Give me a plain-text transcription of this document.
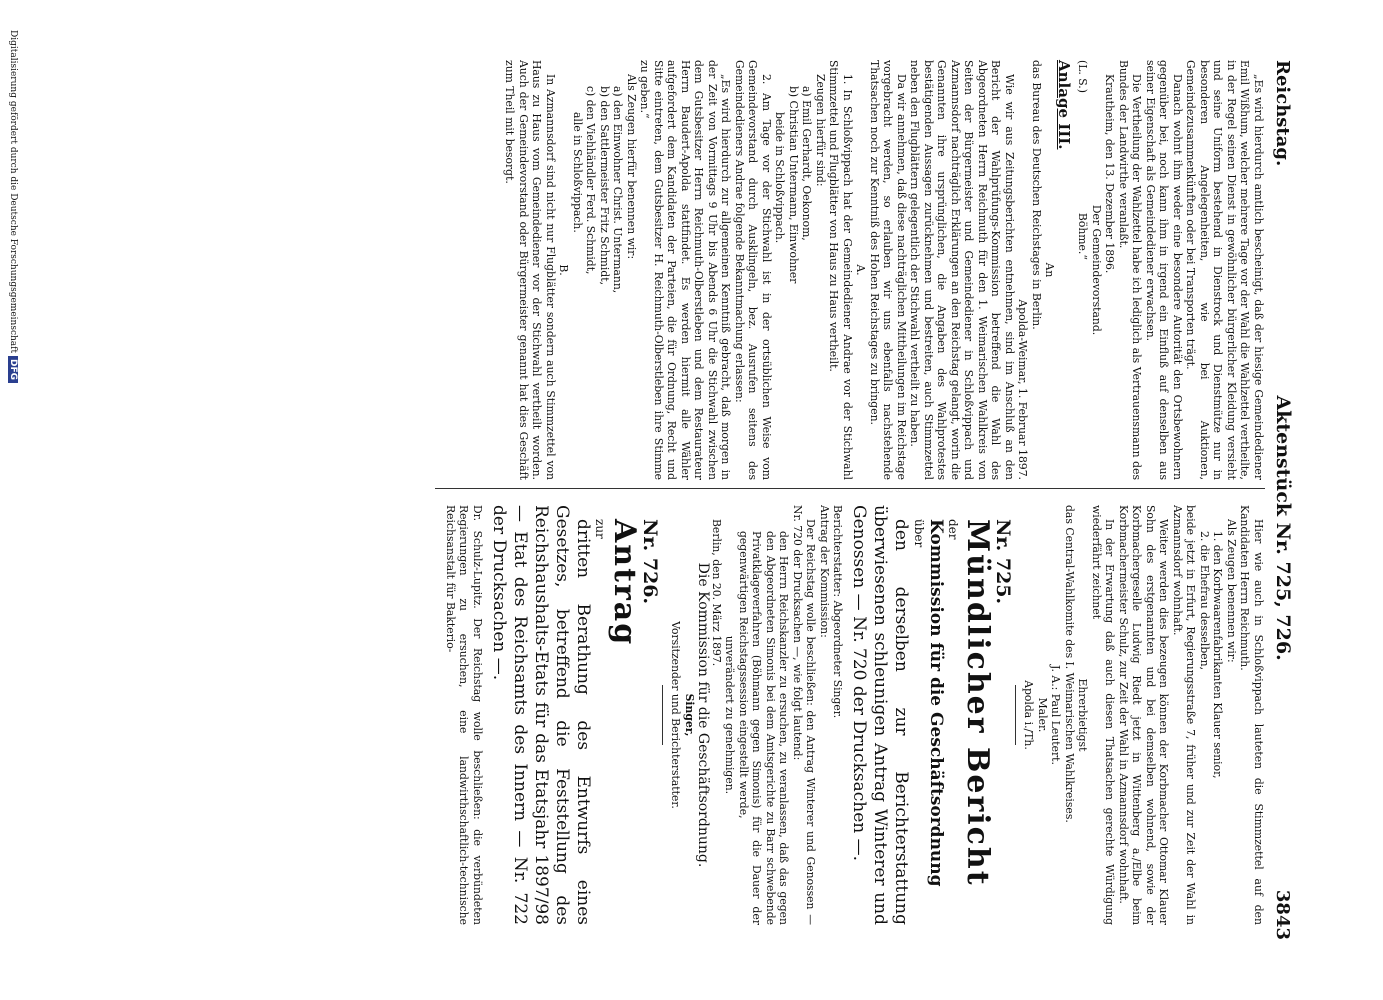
Reichstag.
Aktenstück Nr. 725, 726.
3843

„Es wird hierdurch amtlich bescheinigt, daß der hiesige Gemeindediener Emil Wißhum, welcher mehrere Tage vor der Wahl die Wahlzettel vertheilte, in der Regel seinen Dienst in gewöhnlicher bürgerlicher Kleidung versieht und seine Uniform bestehend in Dienstrock und Dienstmütze nur in besonderen Angelegenheiten, wie bei Auktionen, Gemeindezusammenkünften oder bei Transporten trägt.

Danach wohnt ihm weder eine besondere Autorität den Ortsbewohnern gegenüber bei, noch kann ihm in irgend ein Einfluß auf denselben aus seiner Eigenschaft als Gemeindediener erwachsen.

Die Vertheilung der Wahlzettel habe ich lediglich als Vertrauensmann des Bundes der Landwirthe veranlaßt.

Krautheim, den 13. Dezember 1896.

Der Gemeindevorstand.

(L. S.)Böhme.“

Anlage III.

An

das Bureau des Deutschen Reichstages in Berlin.

Apolda-Weimar, 1. Februar 1897.

Wie wir aus Zeitungsberichten entnehmen, sind im Anschluß an den Bericht der Wahlprüfungs-Kommission betreffend die Wahl des Abgeordneten Herrn Reichmuth für den 1. Weimarischen Wahlkreis von Seiten der Bürgermeister und Gemeindediener in Schloßvippach und Azmannsdorf nachträglich Erklärungen an den Reichstag gelangt, worin die Genannten ihre ursprünglichen, die Angaben des Wahlprotestes bestätigenden Aussagen zurücknehmen und bestreiten, auch Stimmzettel neben den Flugblättern gelegentlich der Stichwahl vertheilt zu haben.

Da wir annehmen, daß diese nachträglichen Mittheilungen im Reichstage vorgebracht werden, so erlauben wir uns ebenfalls nachstehende Thatsachen noch zur Kenntniß des Hohen Reichstages zu bringen.

A.

1. In Schloßvippach hat der Gemeindediener Andrae vor der Stichwahl Stimmzettel und Flugblätter von Haus zu Haus vertheilt.

Zeugen hierfür sind:

a) Emil Gerhardt, Oekonom,

b) Christian Untermann, Einwohner

beide in Schloßvippach.

2. Am Tage vor der Stichwahl ist in der ortsüblichen Weise vom Gemeindevorstand durch Ausklingeln, bez. Ausrufen seitens des Gemeindedieners Andrae folgende Bekanntmachung erlassen:

„Es wird hierdurch zur allgemeinen Kenntniß gebracht, daß morgen in der Zeit von Vormittags 9 Uhr bis Abends 6 Uhr die Stichwahl zwischen dem Gutsbesitzer Herrn Reichmuth-Olberstleben und dem Restaurateur Herrn Baudert-Apolda stattfindet. Es werden hiermit alle Wähler aufgefordert dem Kandidaten der Parteien, die für Ordnung, Recht und Sitte eintreten, dem Gutsbesitzer H. Reichmuth-Olberstleben ihre Stimme zu geben.“

Als Zeugen hierfür benennen wir:

a) den Einwohner Christ. Untermann,

b) den Sattlermeister Fritz Schmidt,

c) den Viehhändler Ferd. Schmidt,

alle in Schloßvippach.

B.

In Azmannsdorf sind nicht nur Flugblätter sondern auch Stimmzettel von Haus zu Haus vom Gemeindediener vor der Stichwahl vertheilt worden. Auch der Gemeindevorstand oder Bürgermeister genannt hat dies Geschäft zum Theil mit besorgt.

Hier wie auch in Schloßvippach lauteten die Stimmzettel auf den Kandidaten Herrn Reichmuth.

Als Zeugen benennen wir:

1. den Korbwaarenfabrikanten Klauer senior,

2. die Ehefrau desselben,

beide jetzt in Erfurt, Regierungsstraße 7, früher und zur Zeit der Wahl in Azmannsdorf wohnhaft.

Weiter werden dies bezeugen können der Korbmacher Ottomar Klauer Sohn des erstgenannten und bei demselben wohnend, sowie der Korbmachergeselle Ludwig Riedt jetzt in Wittenberg a./Elbe beim Korbmachermeister Schulz, zur Zeit der Wahl in Azmannsdorf wohnhaft.

In der Erwartung daß auch diesen Thatsachen gerechte Würdigung wiederfährt zeichnet

Ehrerbietigst

das Central-Wahlkomite des I. Weimarischen Wahlkreises.

J. A.: Paul Leutert.

Maler.

Apolda i./Th.

Nr. 725.

Mündlicher Bericht

der

Kommission für die Geschäftsordnung

über

den derselben zur Berichterstattung überwiesenen schleunigen Antrag Winterer und Genossen — Nr. 720 der Drucksachen —.

Berichterstatter: Abgeordneter Singer.

Antrag der Kommission:

Der Reichstag wolle beschließen: den Antrag Winterer und Genossen — Nr. 720 der Drucksachen —, wie folgt lautend:

den Herrn Reichskanzler zu ersuchen, zu veranlassen, daß das gegen den Abgeordneten Simonis bei dem Amtsgerichte zu Barr schwebende Privatklageverfahren (Böhmann gegen Simonis) für die Dauer der gegenwärtigen Reichstagssession eingestellt werde,

unverändert zu genehmigen.

Berlin, den 20. März 1897.

Die Kommission für die Geschäftsordnung.

Singer,

Vorsitzender und Berichterstatter.

Nr. 726.

Antrag

zur

dritten Berathung des Entwurfs eines Gesetzes, betreffend die Feststellung des Reichshaushalts-Etats für das Etatsjahr 1897/98 — Etat des Reichsamts des Innern — Nr. 722 der Drucksachen —.

Dr. Schulz-Lupitz. Der Reichstag wolle beschließen: die verbündeten Regierungen zu ersuchen, eine landwirthschaftlich-technische Reichsanstalt für Bakterio-

Digitalisierung gefördert durch die Deutsche Forschungsgemeinschaft DFG
